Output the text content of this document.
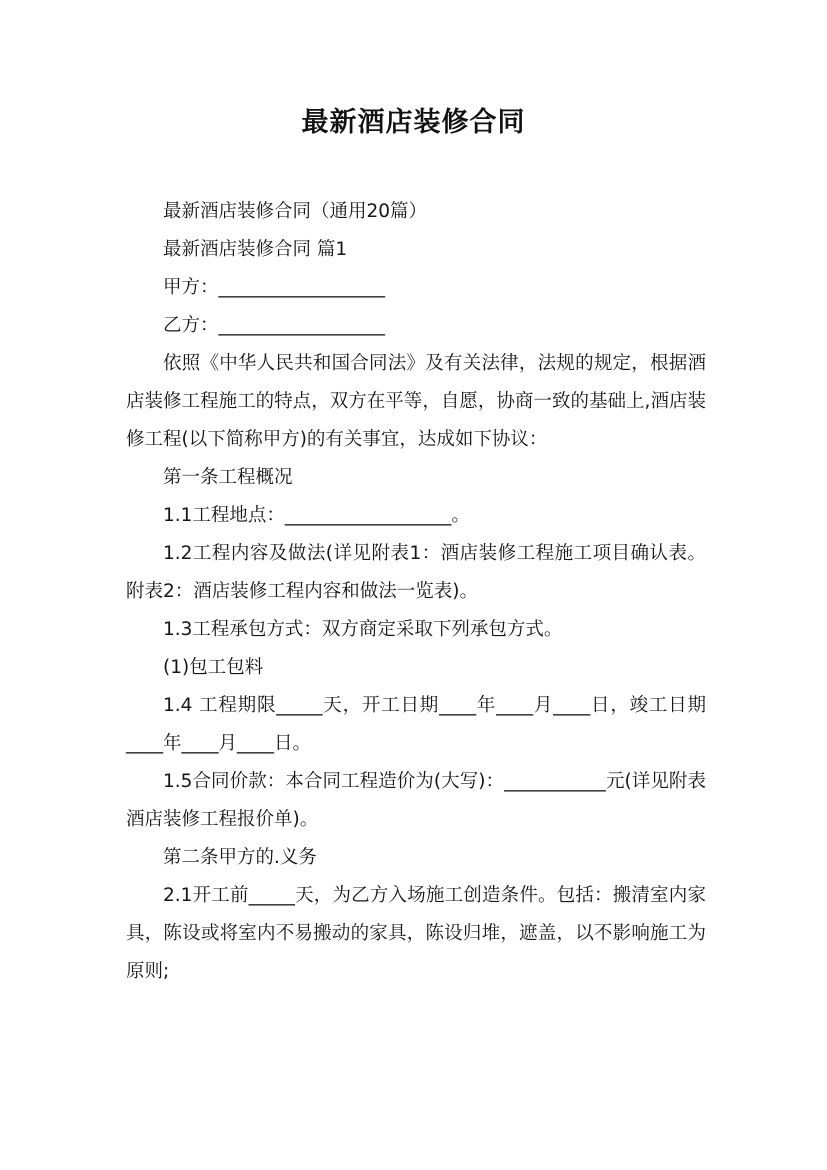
最新酒店装修合同

最新酒店装修合同（通用20篇）

最新酒店装修合同 篇1

甲方：__________________

乙方：__________________

依照《中华人民共和国合同法》及有关法律，法规的规定，根据酒店装修工程施工的特点，双方在平等，自愿，协商一致的基础上,酒店装修工程(以下简称甲方)的有关事宜，达成如下协议：

第一条工程概况

1.1工程地点：__________________。

1.2工程内容及做法(详见附表1：酒店装修工程施工项目确认表。附表2：酒店装修工程内容和做法一览表)。

1.3工程承包方式：双方商定采取下列承包方式。

(1)包工包料

1.4 工程期限_____天，开工日期____年____月____日，竣工日期____年____月____日。

1.5合同价款：本合同工程造价为(大写)：___________元(详见附表酒店装修工程报价单)。

第二条甲方的.义务

2.1开工前_____天，为乙方入场施工创造条件。包括：搬清室内家具，陈设或将室内不易搬动的家具，陈设归堆，遮盖，以不影响施工为原则;
